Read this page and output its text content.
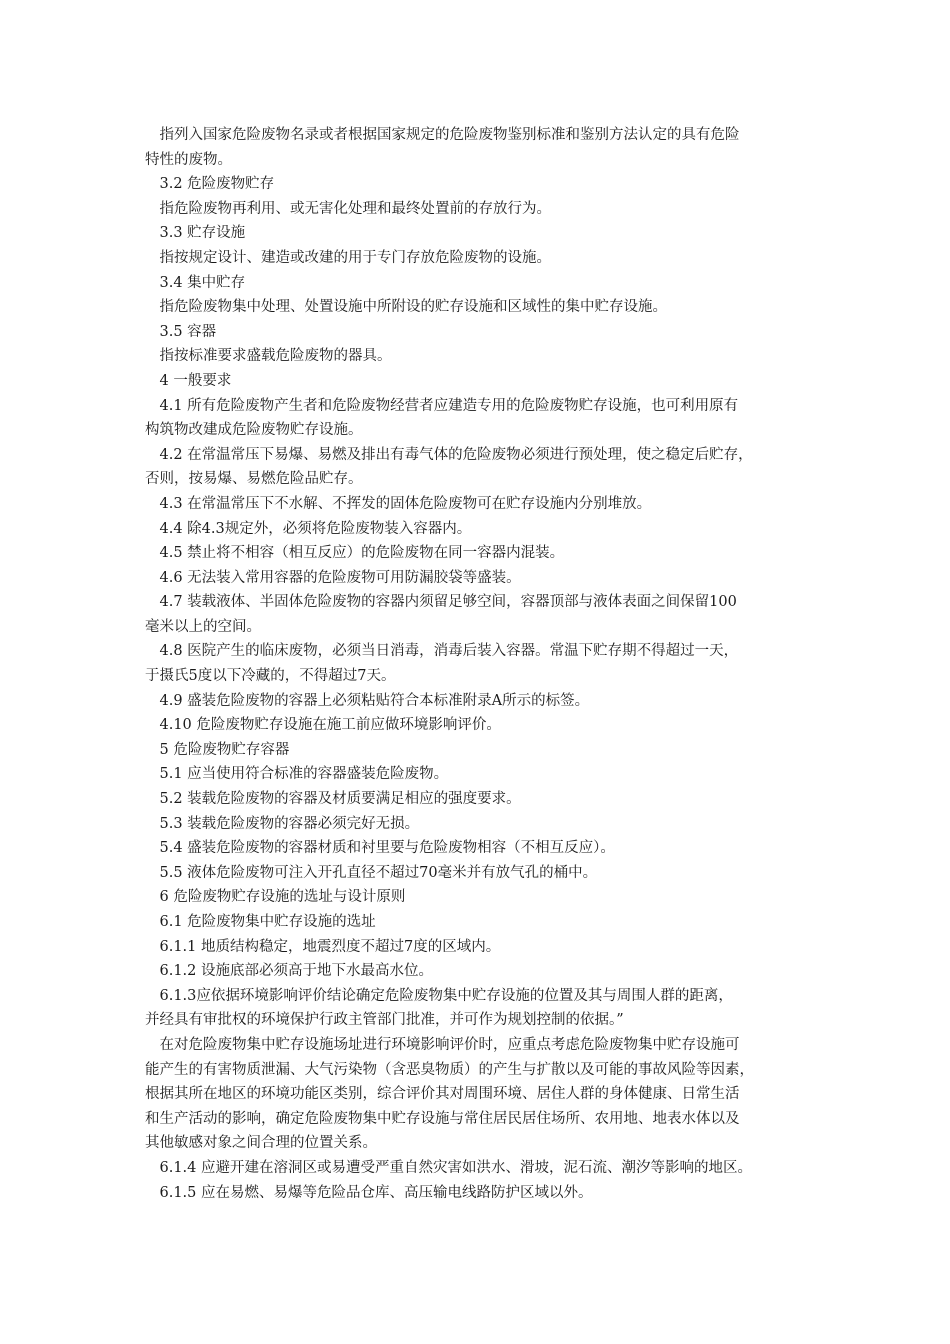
　指列入国家危险废物名录或者根据国家规定的危险废物鉴别标准和鉴别方法认定的具有危险

特性的废物。

　3.2 危险废物贮存

　指危险废物再利用、或无害化处理和最终处置前的存放行为。

　3.3 贮存设施

　指按规定设计、建造或改建的用于专门存放危险废物的设施。

　3.4 集中贮存

　指危险废物集中处理、处置设施中所附设的贮存设施和区域性的集中贮存设施。

　3.5 容器

　指按标准要求盛载危险废物的器具。

　4 一般要求

　4.1 所有危险废物产生者和危险废物经营者应建造专用的危险废物贮存设施，也可利用原有

构筑物改建成危险废物贮存设施。

　4.2 在常温常压下易爆、易燃及排出有毒气体的危险废物必须进行预处理，使之稳定后贮存，

否则，按易爆、易燃危险品贮存。

　4.3 在常温常压下不水解、不挥发的固体危险废物可在贮存设施内分别堆放。

　4.4 除4.3规定外，必须将危险废物装入容器内。

　4.5 禁止将不相容（相互反应）的危险废物在同一容器内混装。

　4.6 无法装入常用容器的危险废物可用防漏胶袋等盛装。

　4.7 装载液体、半固体危险废物的容器内须留足够空间，容器顶部与液体表面之间保留100

毫米以上的空间。

　4.8 医院产生的临床废物，必须当日消毒，消毒后装入容器。常温下贮存期不得超过一天，

于摄氏5度以下冷藏的，不得超过7天。

　4.9 盛装危险废物的容器上必须粘贴符合本标准附录A所示的标签。

　4.10 危险废物贮存设施在施工前应做环境影响评价。

　5 危险废物贮存容器

　5.1 应当使用符合标准的容器盛装危险废物。

　5.2 装载危险废物的容器及材质要满足相应的强度要求。

　5.3 装载危险废物的容器必须完好无损。

　5.4 盛装危险废物的容器材质和衬里要与危险废物相容（不相互反应）。

　5.5 液体危险废物可注入开孔直径不超过70毫米并有放气孔的桶中。

　6 危险废物贮存设施的选址与设计原则

　6.1 危险废物集中贮存设施的选址

　6.1.1 地质结构稳定，地震烈度不超过7度的区域内。

　6.1.2 设施底部必须高于地下水最高水位。

　6.1.3应依据环境影响评价结论确定危险废物集中贮存设施的位置及其与周围人群的距离，

并经具有审批权的环境保护行政主管部门批准，并可作为规划控制的依据。”

　在对危险废物集中贮存设施场址进行环境影响评价时，应重点考虑危险废物集中贮存设施可

能产生的有害物质泄漏、大气污染物（含恶臭物质）的产生与扩散以及可能的事故风险等因素，

根据其所在地区的环境功能区类别，综合评价其对周围环境、居住人群的身体健康、日常生活

和生产活动的影响，确定危险废物集中贮存设施与常住居民居住场所、农用地、地表水体以及

其他敏感对象之间合理的位置关系。

　6.1.4 应避开建在溶洞区或易遭受严重自然灾害如洪水、滑坡，泥石流、潮汐等影响的地区。

　6.1.5 应在易燃、易爆等危险品仓库、高压输电线路防护区域以外。
